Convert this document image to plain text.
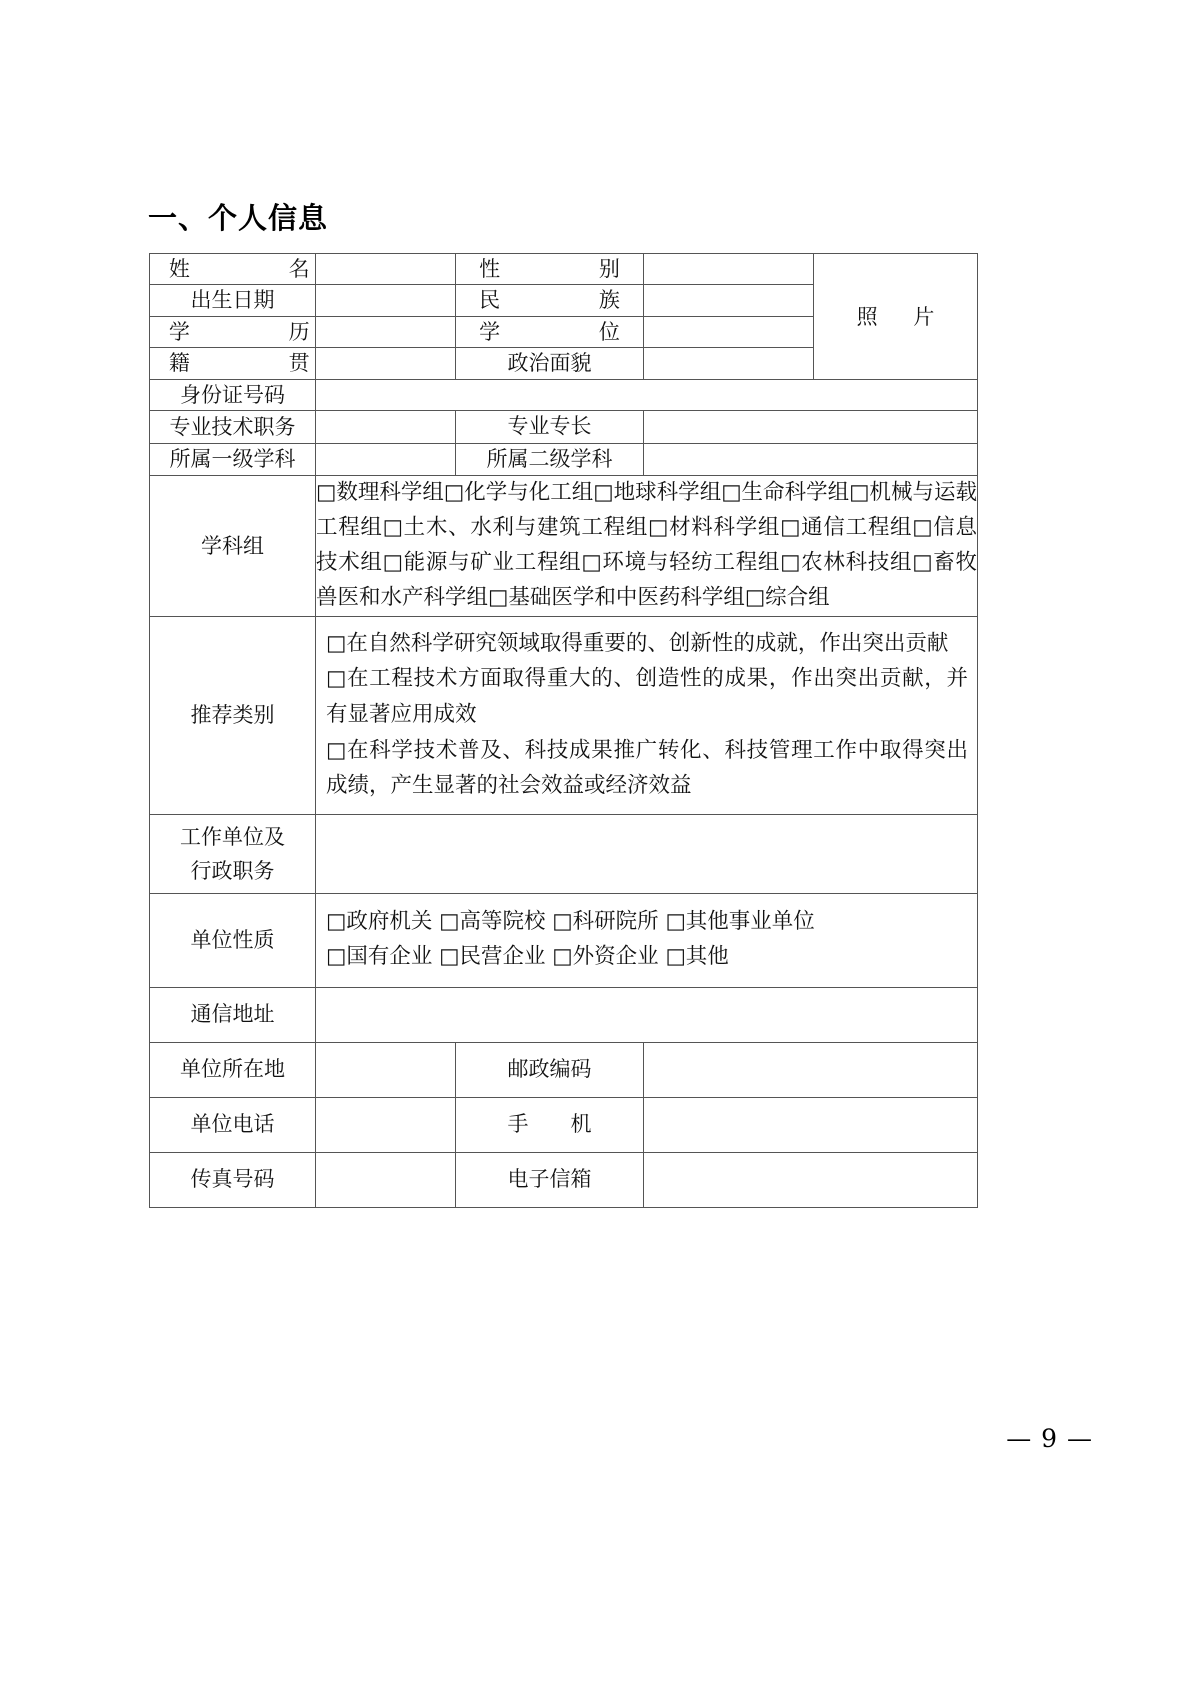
一、个人信息
姓　　名		性　　别		照　片
出生日期		民　　族		
学　　历		学　　位		
籍　　贯		政治面貌		
身份证号码				
专业技术职务		专业专长		
所属一级学科		所属二级学科		
学科组	□数理科学组□化学与化工组□地球科学组□生命科学组□机械与运载工程组□土木、水利与建筑工程组□材料科学组□通信工程组□信息技术组□能源与矿业工程组□环境与轻纺工程组□农林科技组□畜牧兽医和水产科学组□基础医学和中医药科学组□综合组			
推荐类别	□在自然科学研究领域取得重要的、创新性的成就，作出突出贡献
□在工程技术方面取得重大的、创造性的成果，作出突出贡献，并有显著应用成效
□在科学技术普及、科技成果推广转化、科技管理工作中取得突出成绩，产生显著的社会效益或经济效益			

工作单位及
行政职务				

单位性质	□政府机关 □高等院校 □科研院所 □其他事业单位
□国有企业 □民营企业 □外资企业 □其他			

通信地址				
单位所在地		邮政编码		
单位电话		手　　机		
传真号码		电子信箱		
— 9 —
